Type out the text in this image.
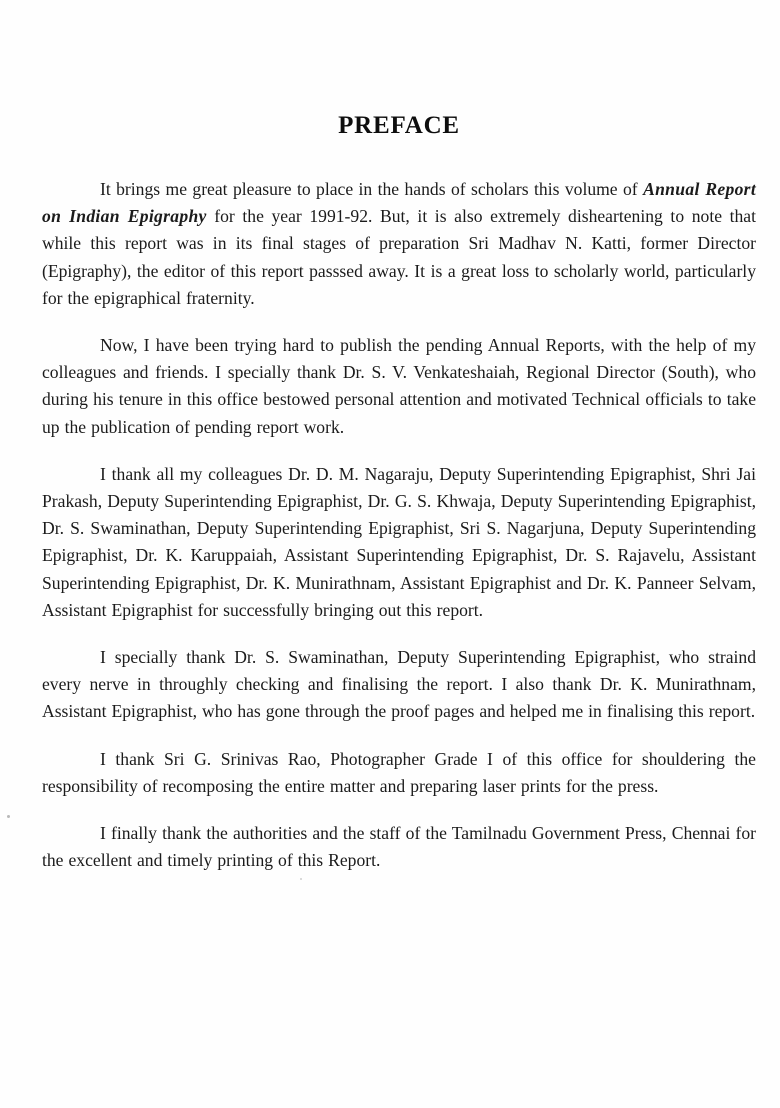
PREFACE

It brings me great pleasure to place in the hands of scholars this volume of Annual Report on Indian Epigraphy for the year 1991-92. But, it is also extremely disheartening to note that while this report was in its final stages of preparation Sri Madhav N. Katti, former Director (Epigraphy), the editor of this report passsed away. It is a great loss to scholarly world, particularly for the epigraphical fraternity.

Now, I have been trying hard to publish the pending Annual Reports, with the help of my colleagues and friends. I specially thank Dr. S. V. Venkateshaiah, Regional Director (South), who during his tenure in this office bestowed personal attention and motivated Technical officials to take up the publication of pending report work.

I thank all my colleagues Dr. D. M. Nagaraju, Deputy Superintending Epigraphist, Shri Jai Prakash, Deputy Superintending Epigraphist, Dr. G. S. Khwaja, Deputy Superintending Epigraphist, Dr. S. Swaminathan, Deputy Superintending Epigraphist, Sri S. Nagarjuna, Deputy Superintending Epigraphist, Dr. K. Karuppaiah, Assistant Superintending Epigraphist, Dr. S. Rajavelu, Assistant Superintending Epigraphist, Dr. K. Munirathnam, Assistant Epigraphist and Dr. K. Panneer Selvam, Assistant Epigraphist for successfully bringing out this report.

I specially thank Dr. S. Swaminathan, Deputy Superintending Epigraphist, who straind every nerve in throughly checking and finalising the report. I also thank Dr. K. Munirathnam, Assistant Epigraphist, who has gone through the proof pages and helped me in finalising this report.

I thank Sri G. Srinivas Rao, Photographer Grade I of this office for shouldering the responsibility of recomposing the entire matter and preparing laser prints for the press.

I finally thank the authorities and the staff of the Tamilnadu Government Press, Chennai for the excellent and timely printing of this Report.
